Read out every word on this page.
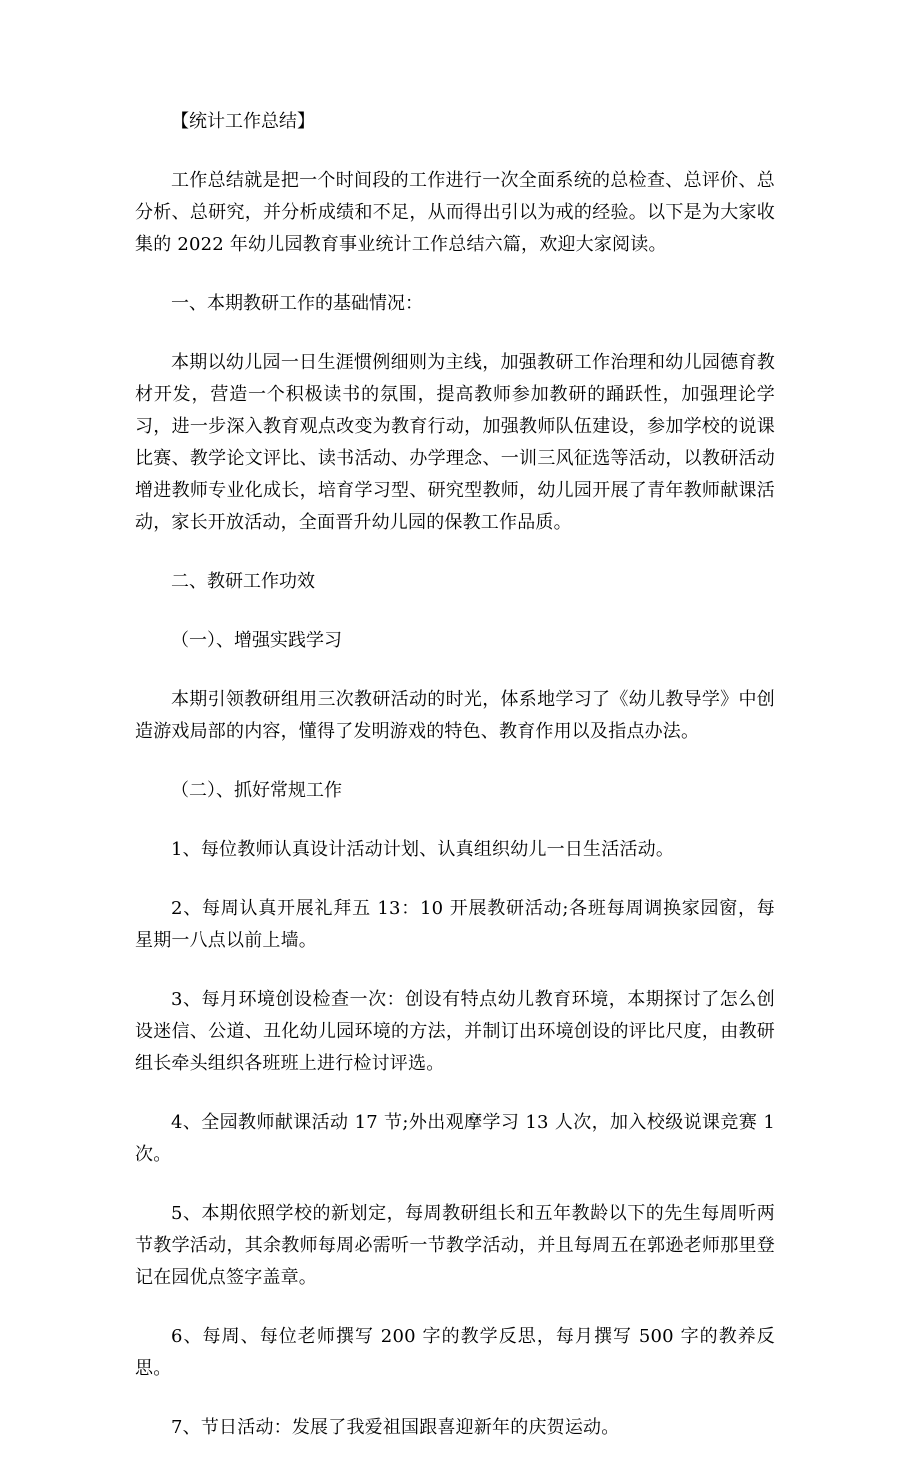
【统计工作总结】

工作总结就是把一个时间段的工作进行一次全面系统的总检查、总评价、总分析、总研究，并分析成绩和不足，从而得出引以为戒的经验。以下是为大家收集的 2022 年幼儿园教育事业统计工作总结六篇，欢迎大家阅读。

一、本期教研工作的基础情况：

本期以幼儿园一日生涯惯例细则为主线，加强教研工作治理和幼儿园德育教材开发，营造一个积极读书的氛围，提高教师参加教研的踊跃性，加强理论学习，进一步深入教育观点改变为教育行动，加强教师队伍建设，参加学校的说课比赛、教学论文评比、读书活动、办学理念、一训三风征选等活动，以教研活动增进教师专业化成长，培育学习型、研究型教师，幼儿园开展了青年教师献课活动，家长开放活动，全面晋升幼儿园的保教工作品质。

二、教研工作功效

（一）、增强实践学习

本期引领教研组用三次教研活动的时光，体系地学习了《幼儿教导学》中创造游戏局部的内容，懂得了发明游戏的特色、教育作用以及指点办法。

（二）、抓好常规工作

1、每位教师认真设计活动计划、认真组织幼儿一日生活活动。

2、每周认真开展礼拜五 13：10 开展教研活动;各班每周调换家园窗，每星期一八点以前上墙。

3、每月环境创设检查一次：创设有特点幼儿教育环境，本期探讨了怎么创设迷信、公道、丑化幼儿园环境的方法，并制订出环境创设的评比尺度，由教研组长牵头组织各班班上进行检讨评选。

4、全园教师献课活动 17 节;外出观摩学习 13 人次，加入校级说课竞赛 1 次。

5、本期依照学校的新划定，每周教研组长和五年教龄以下的先生每周听两节教学活动，其余教师每周必需听一节教学活动，并且每周五在郭逊老师那里登记在园优点签字盖章。

6、每周、每位老师撰写 200 字的教学反思，每月撰写 500 字的教养反思。

7、节日活动：发展了我爱祖国跟喜迎新年的庆贺运动。
